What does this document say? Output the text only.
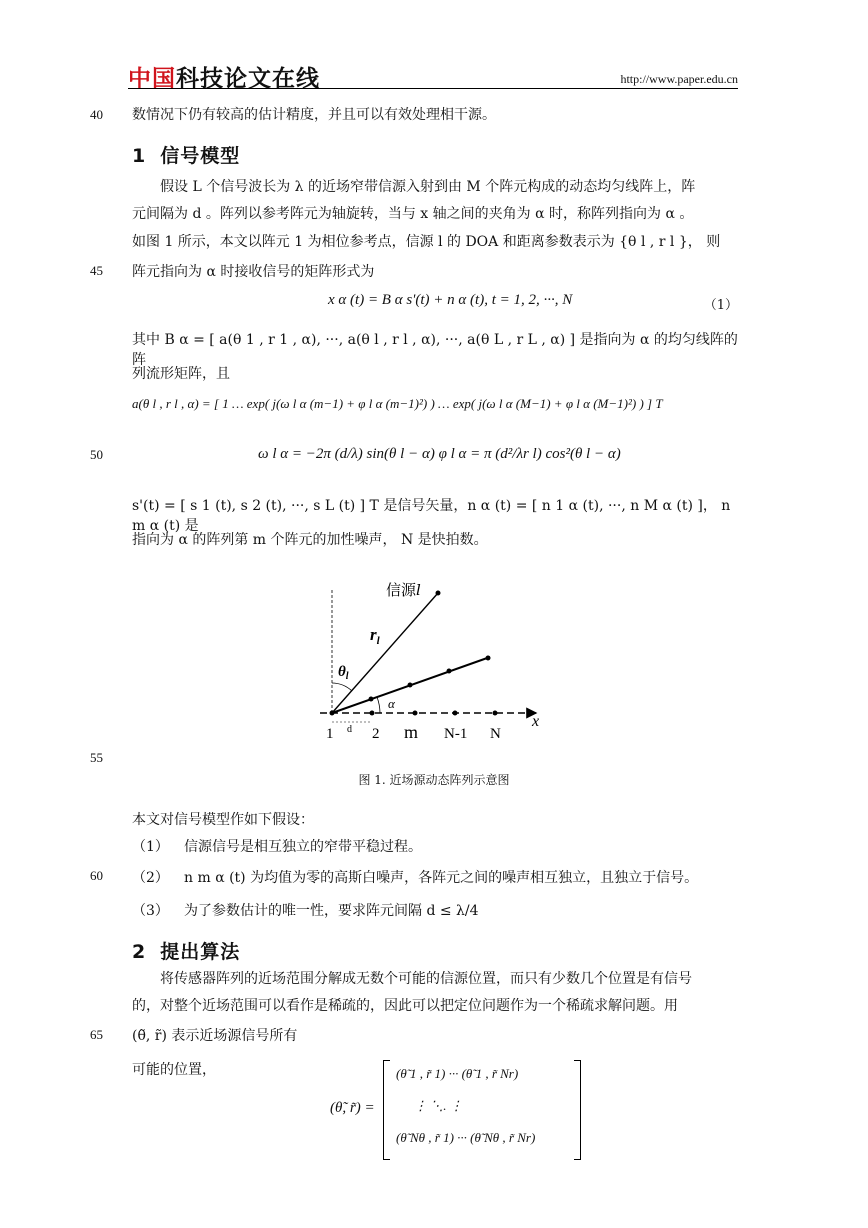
中国科技论文在线	http://www.paper.edu.cn
40
45
50
55
60
65
数情况下仍有较高的估计精度，并且可以有效处理相干源。
1 信号模型
假设 L 个信号波长为 λ 的近场窄带信源入射到由 M 个阵元构成的动态均匀线阵上，阵
元间隔为 d 。阵列以参考阵元为轴旋转，当与 x 轴之间的夹角为 α 时，称阵列指向为 α 。
如图 1 所示，本文以阵元 1 为相位参考点，信源 l 的 DOA 和距离参数表示为 {θ l , r l }， 则
阵元指向为 α 时接收信号的矩阵形式为
x α (t) = B α s'(t) + n α (t), t = 1, 2, ···, N	（1）
其中 B α = [ a(θ 1 , r 1 , α), ···, a(θ l , r l , α), ···, a(θ L , r L , α) ] 是指向为 α 的均匀线阵的阵
列流形矩阵，且
a(θ l , r l , α) = [ 1 … exp( j(ω l α (m−1) + φ l α (m−1)²) ) … exp( j(ω l α (M−1) + φ l α (M−1)²) ) ] T
ω l α = −2π (d/λ) sin(θ l − α) φ l α = π (d²/λr l) cos²(θ l − α)
s'(t) = [ s 1 (t), s 2 (t), ···, s L (t) ] T 是信号矢量，n α (t) = [ n 1 α (t), ···, n M α (t) ]， n m α (t) 是
指向为 α 的阵列第 m 个阵元的加性噪声， N 是快拍数。
信源l
$r_l$
$\theta_l$
α
x
d
1	2 m N-1 N
图 1. 近场源动态阵列示意图
本文对信号模型作如下假设：
（1） 信源信号是相互独立的窄带平稳过程。
（2） n m α (t) 为均值为零的高斯白噪声，各阵元之间的噪声相互独立，且独立于信号。
（3） 为了参数估计的唯一性，要求阵元间隔 d ≤ λ/4
2 提出算法
将传感器阵列的近场范围分解成无数个可能的信源位置，而只有少数几个位置是有信号
的，对整个近场范围可以看作是稀疏的，因此可以把定位问题作为一个稀疏求解问题。用
(θ̃, r̃) 表示近场源信号所有
可能的位置，
(θ̃, r̃) =
(θ̃ 1 , r̃ 1) ··· (θ̃ 1 , r̃ Nr)
⋮ ⋱. ⋮
(θ̃ Nθ , r̃ 1) ··· (θ̃ Nθ , r̃ Nr)
